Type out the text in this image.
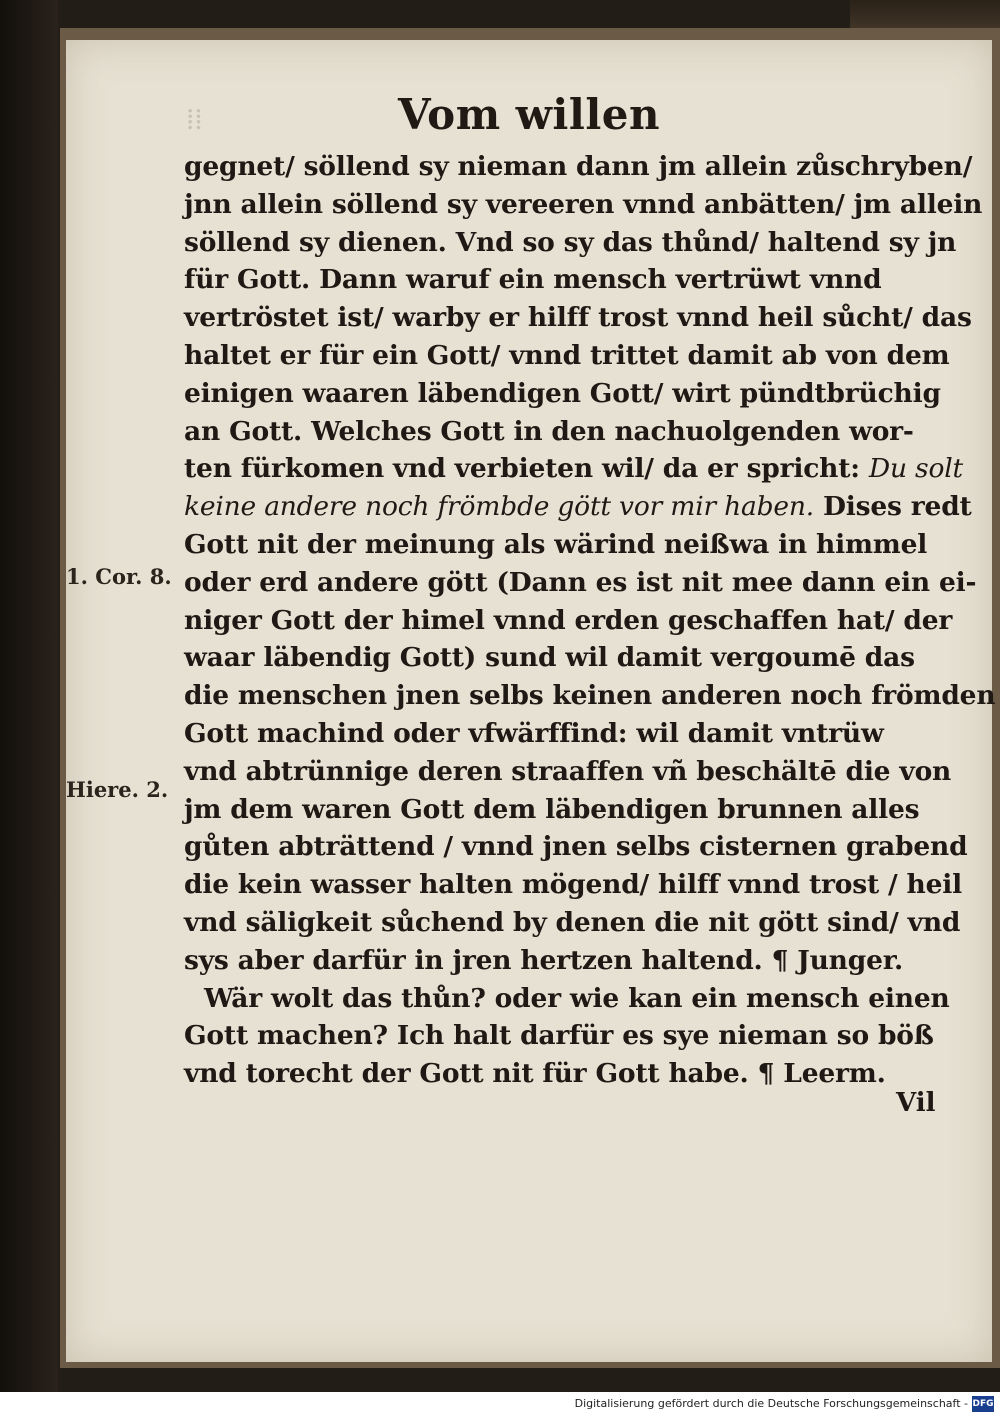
⁞⁞	Vom willen
gegnet/ söllend sy nieman dann jm allein zůschryben/
jnn allein söllend sy vereeren vnnd anbätten/ jm allein
söllend sy dienen. Vnd so sy das thůnd/ haltend sy jn
für Gott. Dann waruf ein mensch vertrüwt vnnd
vertröstet ist/ warby er hilff trost vnnd heil sůcht/ das
haltet er für ein Gott/ vnnd trittet damit ab von dem
einigen waaren läbendigen Gott/ wirt pündtbrüchig
an Gott. Welches Gott in den nachuolgenden wor-
ten fürkomen vnd verbieten wil/ da er spricht: Du solt
keine andere noch frömbde gött vor mir haben. Dises redt
Gott nit der meinung als wärind neißwa in himmel
oder erd andere gött (Dann es ist nit mee dann ein ei-
niger Gott der himel vnnd erden geschaffen hat/ der
waar läbendig Gott) sund wil damit vergoumē das
die menschen jnen selbs keinen anderen noch frömden
Gott machind oder vfwärffind: wil damit vntrüw
vnd abtrünnige deren straaffen vñ beschältē die von
jm dem waren Gott dem läbendigen brunnen alles
gůten abträttend / vnnd jnen selbs cisternen grabend
die kein wasser halten mögend/ hilff vnnd trost / heil
vnd säligkeit sůchend by denen die nit gött sind/ vnd
sys aber darfür in jren hertzen haltend. ¶ Junger.
Wär wolt das thůn? oder wie kan ein mensch einen
Gott machen? Ich halt darfür es sye nieman so böß
vnd torecht der Gott nit für Gott habe. ¶ Leerm.
1. Cor. 8.
Hiere. 2.
Vil
Digitalisierung gefördert durch die Deutsche Forschungsgemeinschaft - DFG
